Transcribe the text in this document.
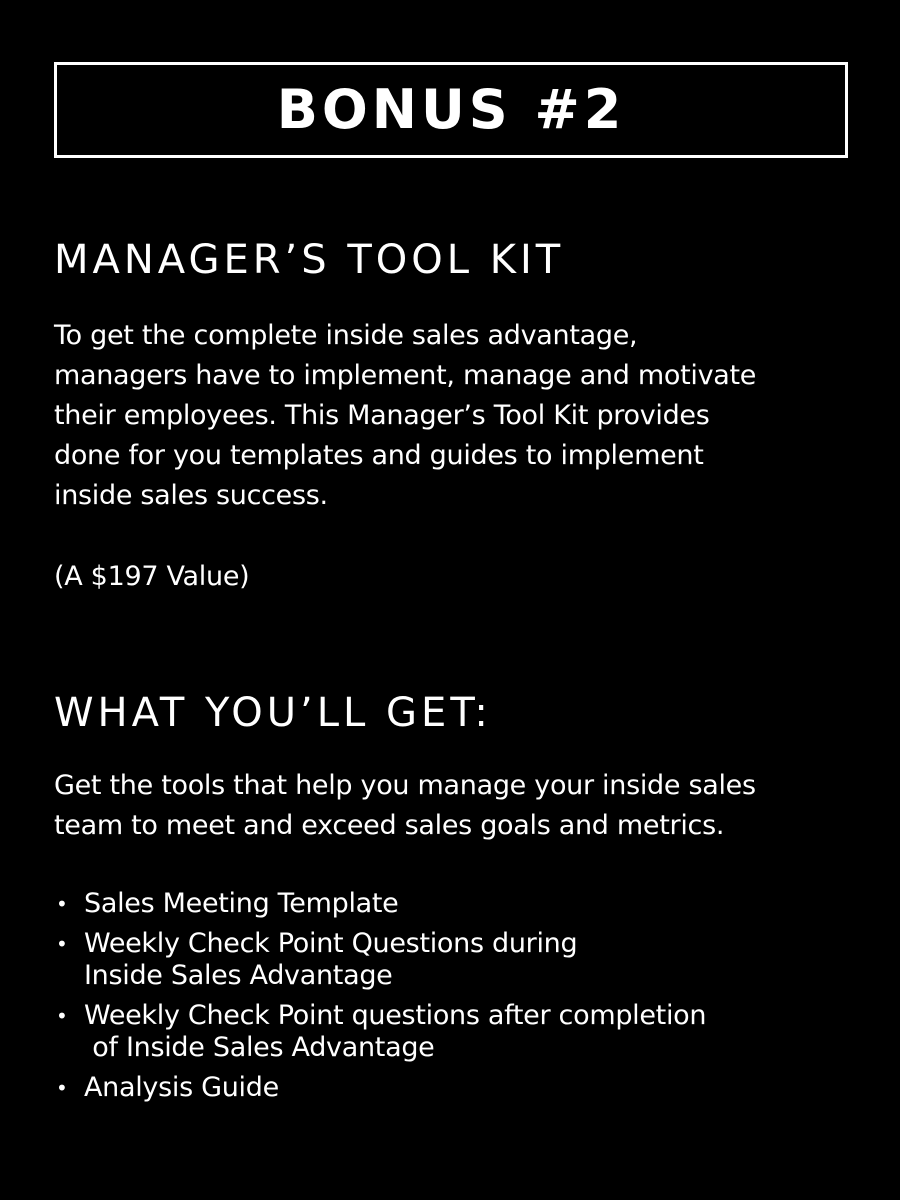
BONUS #2
MANAGER’S TOOL KIT
To get the complete inside sales advantage,
managers have to implement, manage and motivate
their employees. This Manager’s Tool Kit provides
done for you templates and guides to implement
inside sales success.
(A $197 Value)
WHAT YOU’LL GET:
Get the tools that help you manage your inside sales
team to meet and exceed sales goals and metrics.
• Sales Meeting Template
• Weekly Check Point Questions during
Inside Sales Advantage
• Weekly Check Point questions after completion
of Inside Sales Advantage
• Analysis Guide
